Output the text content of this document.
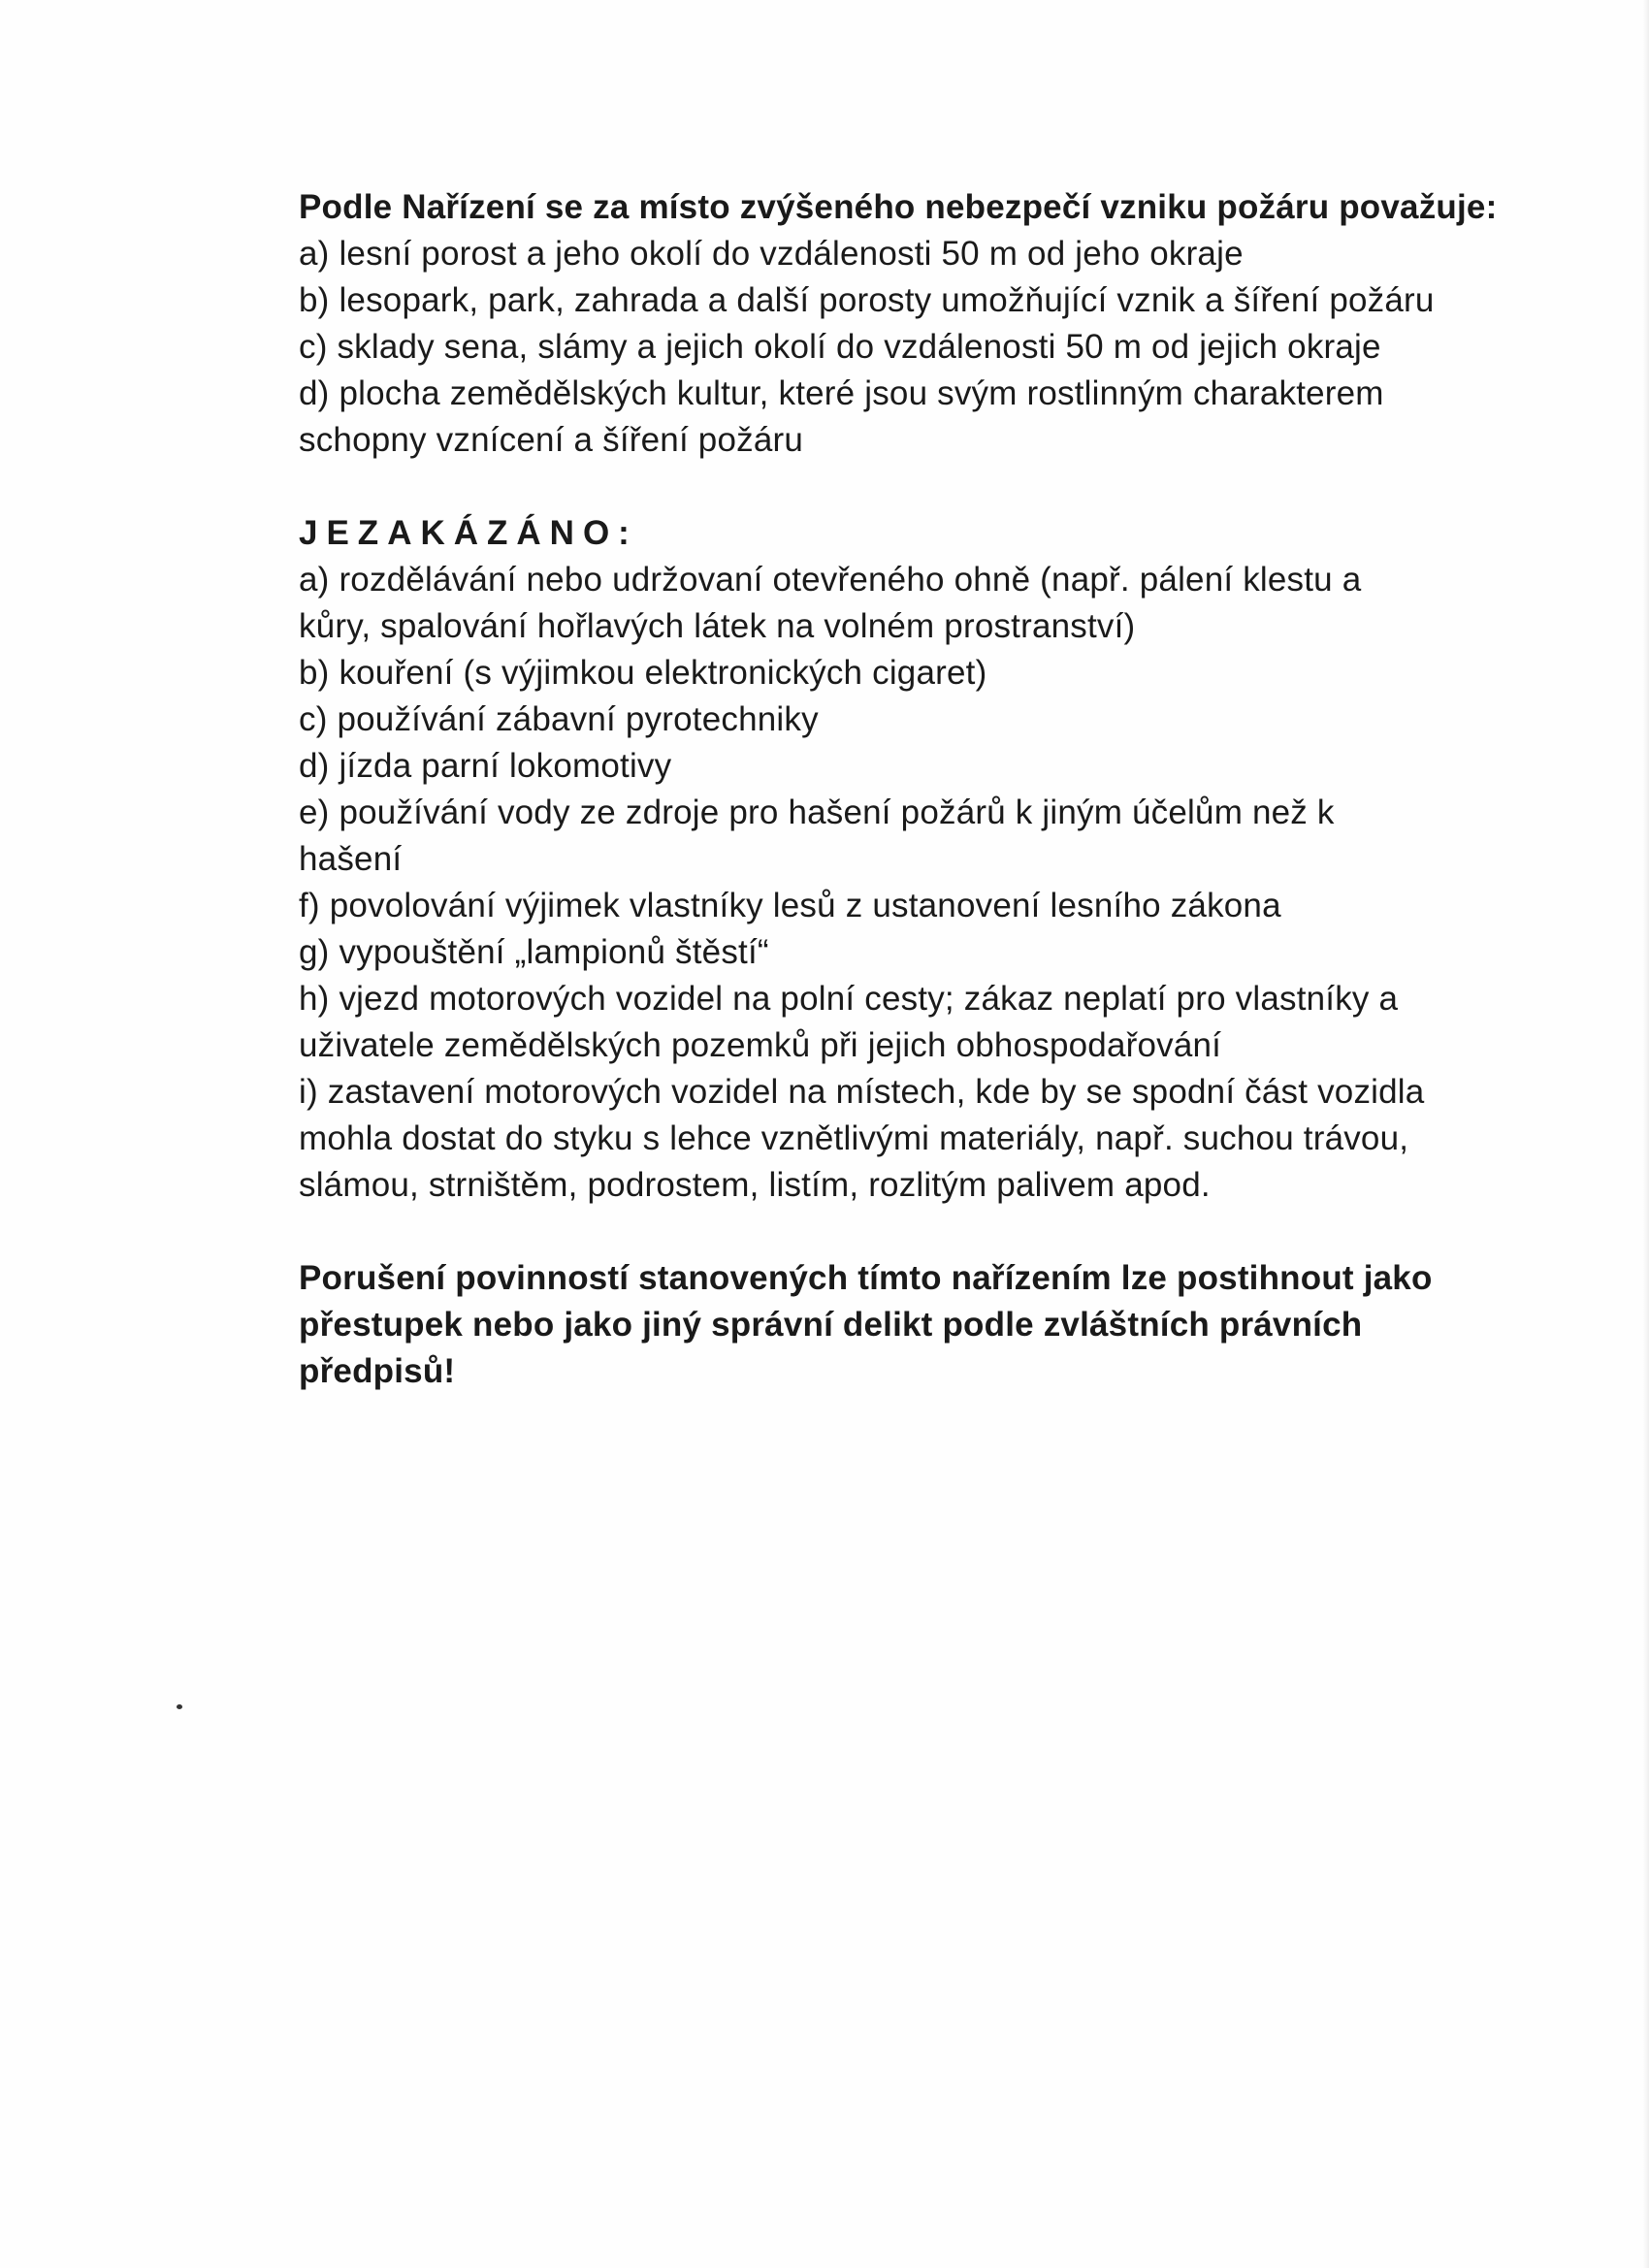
Podle Nařízení se za místo zvýšeného nebezpečí vzniku požáru považuje:
a) lesní porost a jeho okolí do vzdálenosti 50 m od jeho okraje
b) lesopark, park, zahrada a další porosty umožňující vznik a šíření požáru
c) sklady sena, slámy a jejich okolí do vzdálenosti 50 m od jejich okraje
d) plocha zemědělských kultur, které jsou svým rostlinným charakterem
schopny vznícení a šíření požáru
JEZAKÁZÁNO:
a) rozdělávání nebo udržovaní otevřeného ohně (např. pálení klestu a
kůry, spalování hořlavých látek na volném prostranství)
b) kouření (s výjimkou elektronických cigaret)
c) používání zábavní pyrotechniky
d) jízda parní lokomotivy
e) používání vody ze zdroje pro hašení požárů k jiným účelům než k
hašení
f) povolování výjimek vlastníky lesů z ustanovení lesního zákona
g) vypouštění „lampionů štěstí“
h) vjezd motorových vozidel na polní cesty; zákaz neplatí pro vlastníky a
uživatele zemědělských pozemků při jejich obhospodařování
i) zastavení motorových vozidel na místech, kde by se spodní část vozidla
mohla dostat do styku s lehce vznětlivými materiály, např. suchou trávou,
slámou, strništěm, podrostem, listím, rozlitým palivem apod.
Porušení povinností stanovených tímto nařízením lze postihnout jako
přestupek nebo jako jiný správní delikt podle zvláštních právních
předpisů!
